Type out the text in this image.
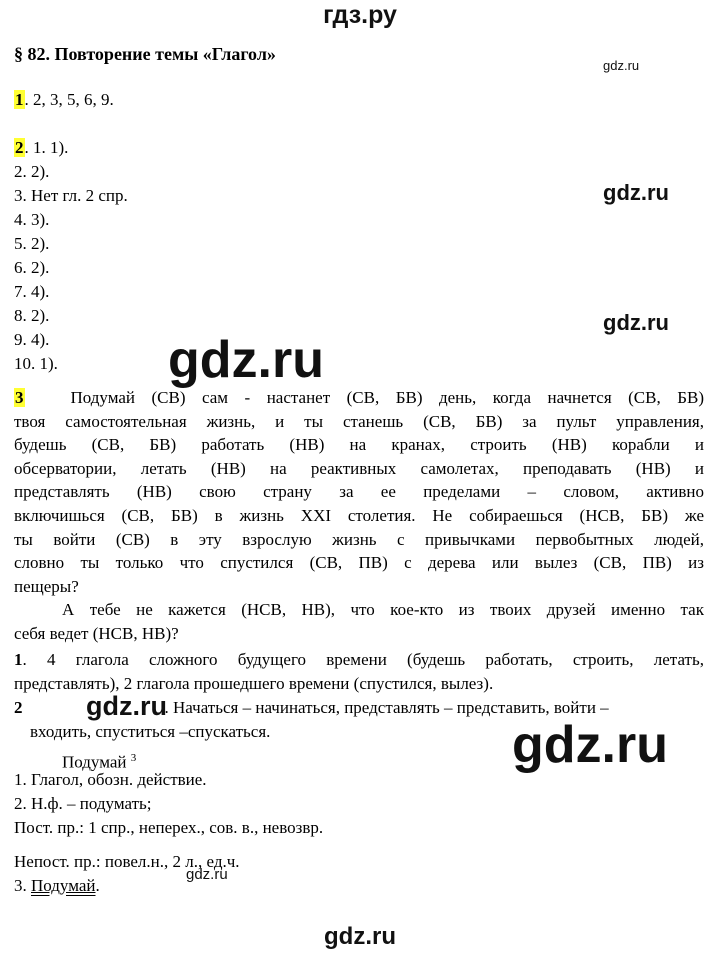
гдз.ру
§ 82. Повторение темы «Глагол»
gdz.ru
gdz.ru
gdz.ru
gdz.ru
gdz.ru
gdz.ru
gdz.ru
gdz.ru
1. 2, 3, 5, 6, 9.
2. 1. 1).
2. 2).
3. Нет гл. 2 спр.
4. 3).
5. 2).
6. 2).
7. 4).
8. 2).
9. 4).
10. 1).
3	Подумай (СВ) сам - настанет (СВ, БВ) день, когда начнется (СВ, БВ)
твоя самостоятельная жизнь, и ты станешь (СВ, БВ) за пульт управления,
будешь (СВ, БВ) работать (НВ) на кранах, строить (НВ) корабли и
обсерватории, летать (НВ) на реактивных самолетах, преподавать (НВ) и
представлять (НВ) свою страну за ее пределами – словом, активно
включишься (СВ, БВ) в жизнь XXI столетия. Не собираешься (НСВ, БВ) же
ты войти (СВ) в эту взрослую жизнь с привычками первобытных людей,
словно ты только что спустился (СВ, ПВ) с дерева или вылез (СВ, ПВ) из
пещеры?
А тебе не кажется (НСВ, НВ), что кое-кто из твоих друзей именно так
себя ведет (НСВ, НВ)?
1. 4 глагола сложного будущего времени (будешь работать, строить, летать,
представлять), 2 глагола прошедшего времени (спустился, вылез).
2	. Начаться – начинаться, представлять – представить, войти –
входить, спуститься –спускаться.
Подумай $^3$
1. Глагол, обозн. действие.
2. Н.ф. – подумать;
Пост. пр.: 1 спр., неперех., сов. в., невозвр.
Непост. пр.: повел.н., 2 л., ед.ч.
3. Подумай.
